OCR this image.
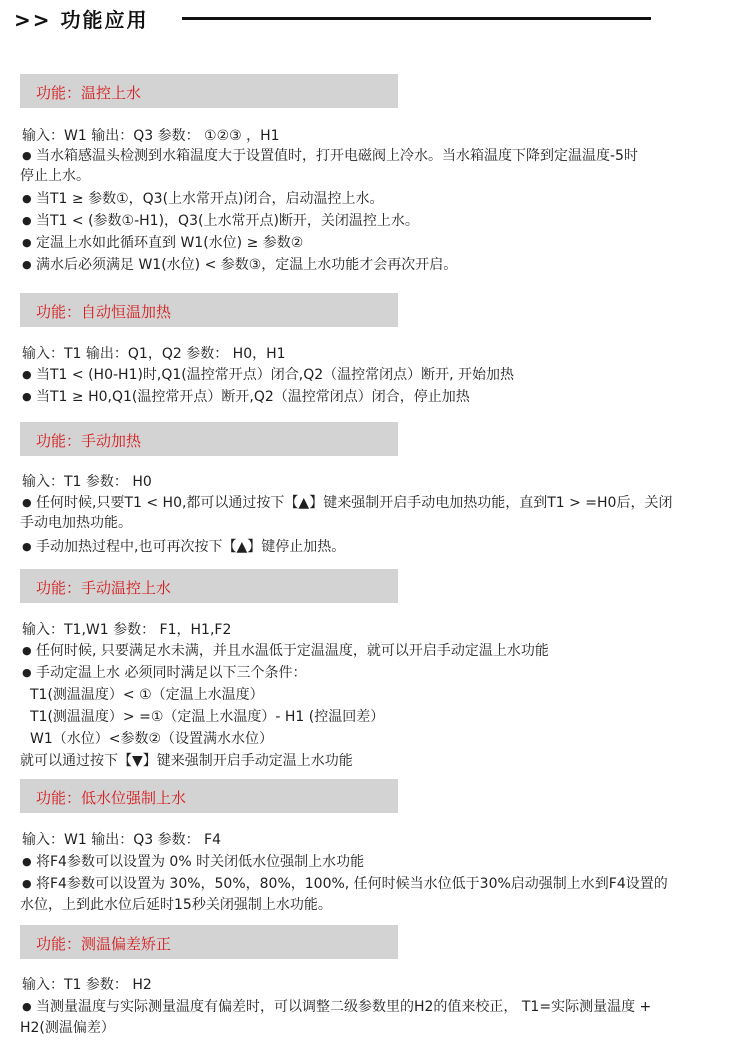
>> 功能应用
功能：温控上水
输入：W1 输出：Q3 参数： ①②③ ，H1
● 当水箱感温头检测到水箱温度大于设置值时，打开电磁阀上冷水。当水箱温度下降到定温温度-5时
停止上水。
● 当T1 ≥ 参数①，Q3(上水常开点)闭合，启动温控上水。
● 当T1 < (参数①-H1)，Q3(上水常开点)断开，关闭温控上水。
● 定温上水如此循环直到 W1(水位) ≥ 参数②
● 满水后必须满足 W1(水位) < 参数③，定温上水功能才会再次开启。
功能：自动恒温加热
输入：T1 输出：Q1，Q2 参数： H0，H1
● 当T1 < (H0-H1)时,Q1(温控常开点）闭合,Q2（温控常闭点）断开, 开始加热
● 当T1 ≥ H0,Q1(温控常开点）断开,Q2（温控常闭点）闭合，停止加热
功能：手动加热
输入：T1 参数： H0
● 任何时候,只要T1 < H0,都可以通过按下【▲】键来强制开启手动电加热功能，直到T1 > =H0后，关闭
手动电加热功能。
● 手动加热过程中,也可再次按下【▲】键停止加热。
功能：手动温控上水
输入：T1,W1 参数： F1，H1,F2
● 任何时候, 只要满足水未满，并且水温低于定温温度，就可以开启手动定温上水功能
● 手动定温上水 必须同时满足以下三个条件：
T1(测温温度）< ①（定温上水温度）
T1(测温温度）> =①（定温上水温度）- H1 (控温回差）
W1（水位）<参数②（设置满水水位）
就可以通过按下【▼】键来强制开启手动定温上水功能
功能：低水位强制上水
输入：W1 输出：Q3 参数： F4
● 将F4参数可以设置为 0% 时关闭低水位强制上水功能
● 将F4参数可以设置为 30%，50%，80%，100%, 任何时候当水位低于30%启动强制上水到F4设置的
水位，上到此水位后延时15秒关闭强制上水功能。
功能：测温偏差矫正
输入：T1 参数： H2
● 当测量温度与实际测量温度有偏差时，可以调整二级参数里的H2的值来校正， T1=实际测量温度 +
H2(测温偏差）
